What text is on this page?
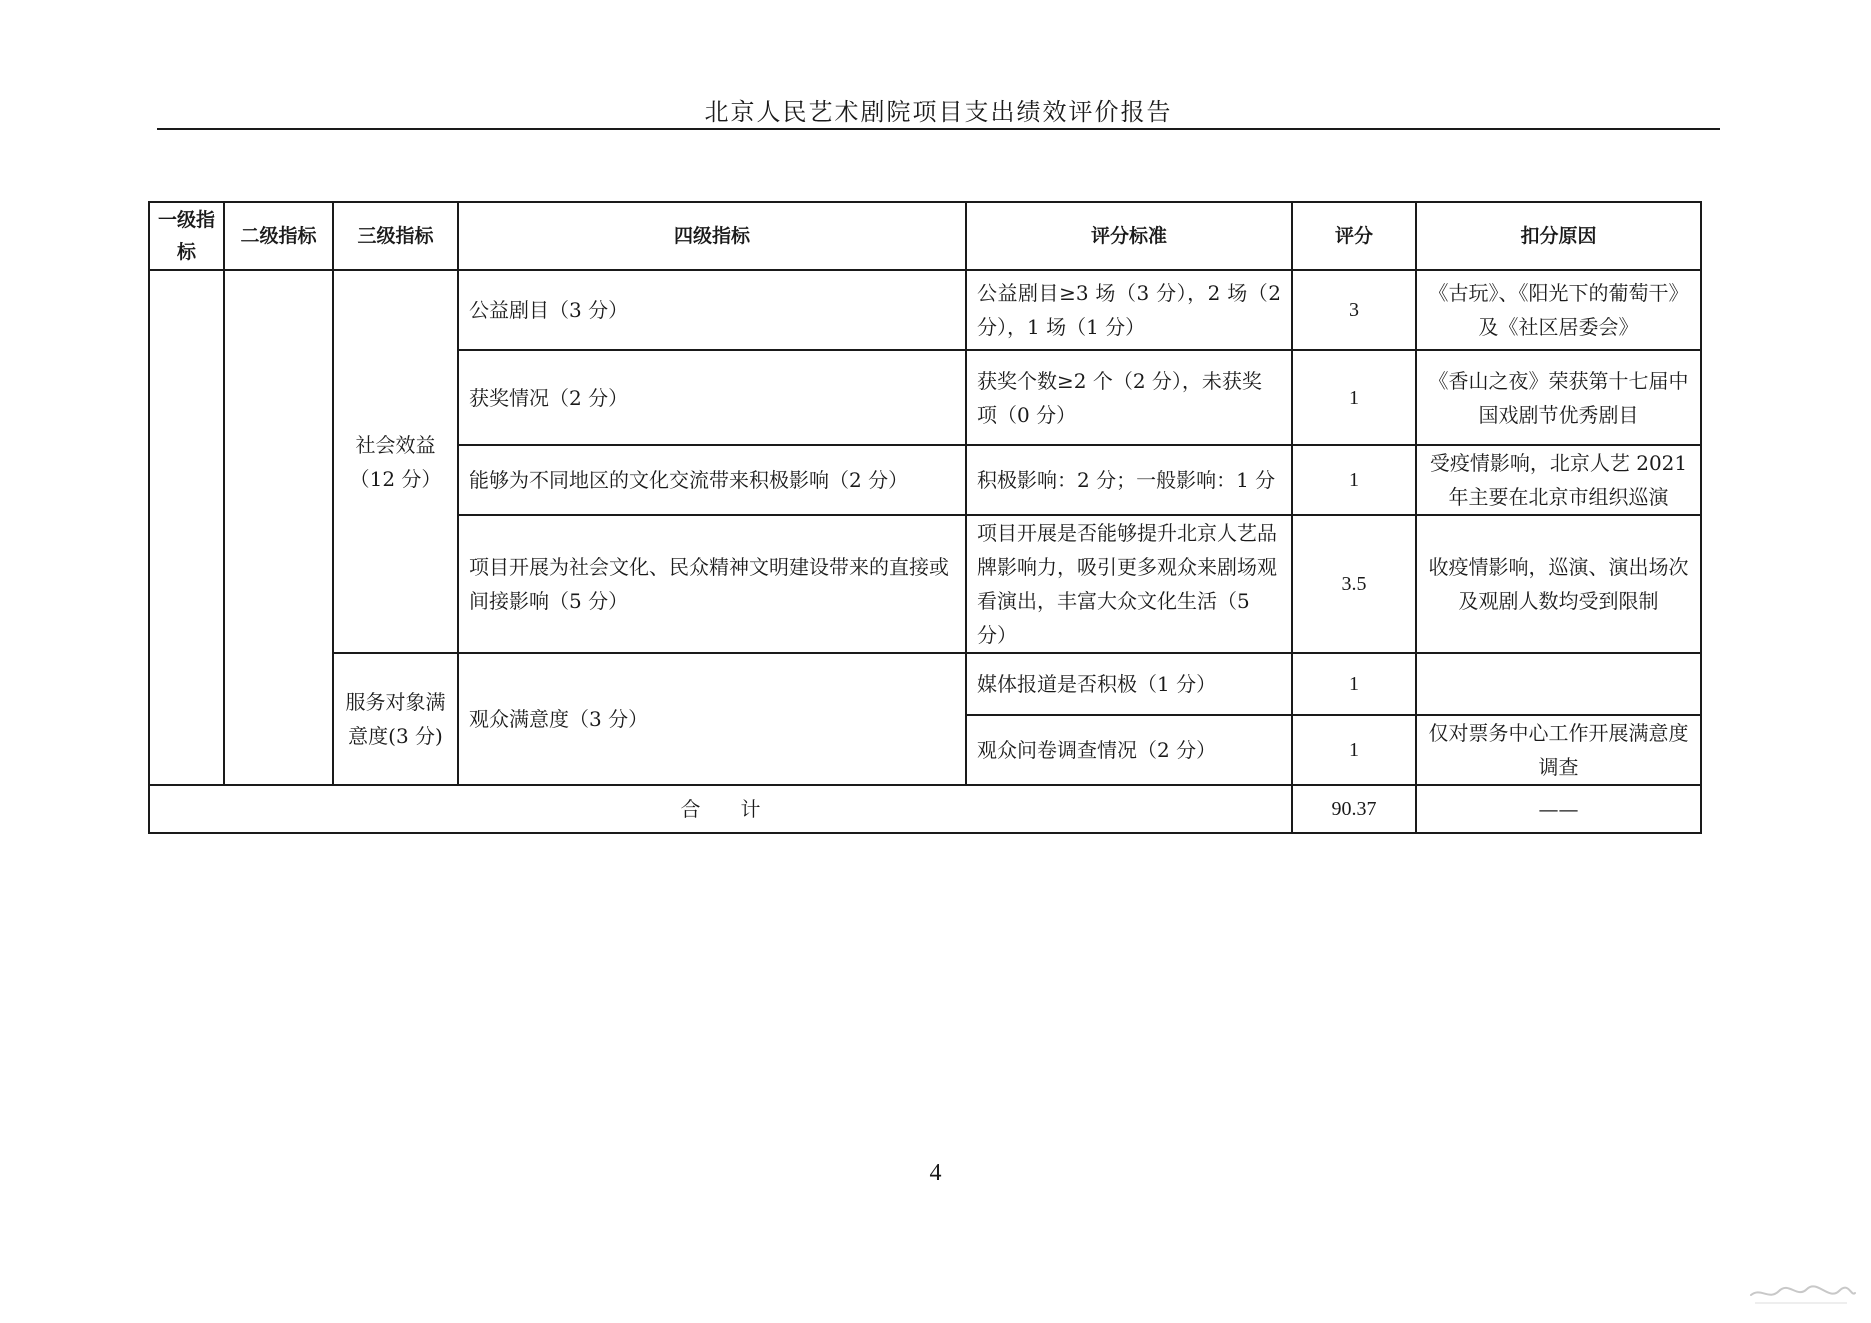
北京人民艺术剧院项目支出绩效评价报告
一级指标	二级指标	三级指标	四级指标	评分标准	评分	扣分原因
		社会效益（12 分）	公益剧目（3 分）	公益剧目≥3 场（3 分），2 场（2 分），1 场（1 分）	3	《古玩》、《阳光下的葡萄干》及《社区居委会》
			获奖情况（2 分）	获奖个数≥2 个（2 分），未获奖项（0 分）	1	《香山之夜》荣获第十七届中国戏剧节优秀剧目
			能够为不同地区的文化交流带来积极影响（2 分）	积极影响：2 分；一般影响：1 分	1	受疫情影响，北京人艺 2021 年主要在北京市组织巡演
			项目开展为社会文化、民众精神文明建设带来的直接或间接影响（5 分）	项目开展是否能够提升北京人艺品牌影响力，吸引更多观众来剧场观看演出，丰富大众文化生活（5 分）	3.5	收疫情影响，巡演、演出场次及观剧人数均受到限制
		服务对象满意度(3 分)	观众满意度（3 分）	媒体报道是否积极（1 分）	1	
				观众问卷调查情况（2 分）	1	仅对票务中心工作开展满意度调查
合　　计					90.37	——
4
